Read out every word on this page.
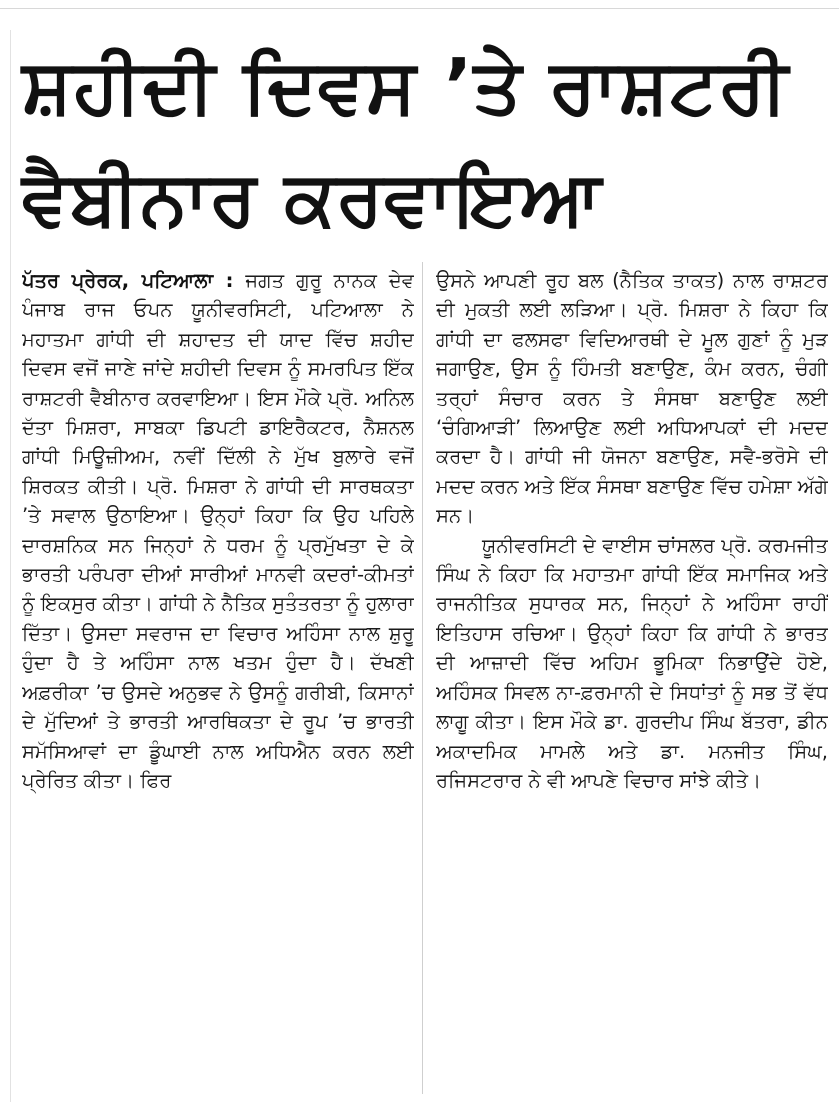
ਸ਼ਹੀਦੀ ਦਿਵਸ ’ਤੇ ਰਾਸ਼ਟਰੀ
ਵੈਬੀਨਾਰ ਕਰਵਾਇਆ

ਪੱਤਰ ਪ੍ਰੇਰਕ, ਪਟਿਆਲਾ : ਜਗਤ ਗੁਰੂ ਨਾਨਕ ਦੇਵ ਪੰਜਾਬ ਰਾਜ ਓਪਨ ਯੂਨੀਵਰਸਿਟੀ, ਪਟਿਆਲਾ ਨੇ ਮਹਾਤਮਾ ਗਾਂਧੀ ਦੀ ਸ਼ਹਾਦਤ ਦੀ ਯਾਦ ਵਿੱਚ ਸ਼ਹੀਦ ਦਿਵਸ ਵਜੋਂ ਜਾਣੇ ਜਾਂਦੇ ਸ਼ਹੀਦੀ ਦਿਵਸ ਨੂੰ ਸਮਰਪਿਤ ਇੱਕ ਰਾਸ਼ਟਰੀ ਵੈਬੀਨਾਰ ਕਰਵਾਇਆ। ਇਸ ਮੌਕੇ ਪ੍ਰੋ. ਅਨਿਲ ਦੱਤਾ ਮਿਸ਼ਰਾ, ਸਾਬਕਾ ਡਿਪਟੀ ਡਾਇਰੈਕਟਰ, ਨੈਸ਼ਨਲ ਗਾਂਧੀ ਮਿਊਜ਼ੀਅਮ, ਨਵੀਂ ਦਿੱਲੀ ਨੇ ਮੁੱਖ ਬੁਲਾਰੇ ਵਜੋਂ ਸ਼ਿਰਕਤ ਕੀਤੀ। ਪ੍ਰੋ. ਮਿਸ਼ਰਾ ਨੇ ਗਾਂਧੀ ਦੀ ਸਾਰਥਕਤਾ ’ਤੇ ਸਵਾਲ ਉਠਾਇਆ। ਉਨ੍ਹਾਂ ਕਿਹਾ ਕਿ ਉਹ ਪਹਿਲੇ ਦਾਰਸ਼ਨਿਕ ਸਨ ਜਿਨ੍ਹਾਂ ਨੇ ਧਰਮ ਨੂੰ ਪ੍ਰਮੁੱਖਤਾ ਦੇ ਕੇ ਭਾਰਤੀ ਪਰੰਪਰਾ ਦੀਆਂ ਸਾਰੀਆਂ ਮਾਨਵੀ ਕਦਰਾਂ-ਕੀਮਤਾਂ ਨੂੰ ਇਕਸੁਰ ਕੀਤਾ। ਗਾਂਧੀ ਨੇ ਨੈਤਿਕ ਸੁਤੰਤਰਤਾ ਨੂੰ ਹੁਲਾਰਾ ਦਿੱਤਾ। ਉਸਦਾ ਸਵਰਾਜ ਦਾ ਵਿਚਾਰ ਅਹਿੰਸਾ ਨਾਲ ਸ਼ੁਰੂ ਹੁੰਦਾ ਹੈ ਤੇ ਅਹਿੰਸਾ ਨਾਲ ਖਤਮ ਹੁੰਦਾ ਹੈ। ਦੱਖਣੀ ਅਫ਼ਰੀਕਾ ’ਚ ਉਸਦੇ ਅਨੁਭਵ ਨੇ ਉਸਨੂੰ ਗਰੀਬੀ, ਕਿਸਾਨਾਂ ਦੇ ਮੁੱਦਿਆਂ ਤੇ ਭਾਰਤੀ ਆਰਥਿਕਤਾ ਦੇ ਰੂਪ ’ਚ ਭਾਰਤੀ ਸਮੱਸਿਆਵਾਂ ਦਾ ਡੂੰਘਾਈ ਨਾਲ ਅਧਿਐਨ ਕਰਨ ਲਈ ਪ੍ਰੇਰਿਤ ਕੀਤਾ। ਫਿਰ

ਉਸਨੇ ਆਪਣੀ ਰੂਹ ਬਲ (ਨੈਤਿਕ ਤਾਕਤ) ਨਾਲ ਰਾਸ਼ਟਰ ਦੀ ਮੁਕਤੀ ਲਈ ਲੜਿਆ। ਪ੍ਰੋ. ਮਿਸ਼ਰਾ ਨੇ ਕਿਹਾ ਕਿ ਗਾਂਧੀ ਦਾ ਫਲਸਫਾ ਵਿਦਿਆਰਥੀ ਦੇ ਮੂਲ ਗੁਣਾਂ ਨੂੰ ਮੁੜ ਜਗਾਉਣ, ਉਸ ਨੂੰ ਹਿੰਮਤੀ ਬਣਾਉਣ, ਕੰਮ ਕਰਨ, ਚੰਗੀ ਤਰ੍ਹਾਂ ਸੰਚਾਰ ਕਰਨ ਤੇ ਸੰਸਥਾ ਬਣਾਉਣ ਲਈ ‘ਚੰਗਿਆੜੀ’ ਲਿਆਉਣ ਲਈ ਅਧਿਆਪਕਾਂ ਦੀ ਮਦਦ ਕਰਦਾ ਹੈ। ਗਾਂਧੀ ਜੀ ਯੋਜਨਾ ਬਣਾਉਣ, ਸਵੈ-ਭਰੋਸੇ ਦੀ ਮਦਦ ਕਰਨ ਅਤੇ ਇੱਕ ਸੰਸਥਾ ਬਣਾਉਣ ਵਿੱਚ ਹਮੇਸ਼ਾ ਅੱਗੇ ਸਨ।

ਯੂਨੀਵਰਸਿਟੀ ਦੇ ਵਾਈਸ ਚਾਂਸਲਰ ਪ੍ਰੋ. ਕਰਮਜੀਤ ਸਿੰਘ ਨੇ ਕਿਹਾ ਕਿ ਮਹਾਤਮਾ ਗਾਂਧੀ ਇੱਕ ਸਮਾਜਿਕ ਅਤੇ ਰਾਜਨੀਤਿਕ ਸੁਧਾਰਕ ਸਨ, ਜਿਨ੍ਹਾਂ ਨੇ ਅਹਿੰਸਾ ਰਾਹੀਂ ਇਤਿਹਾਸ ਰਚਿਆ। ਉਨ੍ਹਾਂ ਕਿਹਾ ਕਿ ਗਾਂਧੀ ਨੇ ਭਾਰਤ ਦੀ ਆਜ਼ਾਦੀ ਵਿੱਚ ਅਹਿਮ ਭੂਮਿਕਾ ਨਿਭਾਉਂਦੇ ਹੋਏ, ਅਹਿੰਸਕ ਸਿਵਲ ਨਾ-ਫ਼ਰਮਾਨੀ ਦੇ ਸਿਧਾਂਤਾਂ ਨੂੰ ਸਭ ਤੋਂ ਵੱਧ ਲਾਗੂ ਕੀਤਾ। ਇਸ ਮੌਕੇ ਡਾ. ਗੁਰਦੀਪ ਸਿੰਘ ਬੱਤਰਾ, ਡੀਨ ਅਕਾਦਮਿਕ ਮਾਮਲੇ ਅਤੇ ਡਾ. ਮਨਜੀਤ ਸਿੰਘ, ਰਜਿਸਟਰਾਰ ਨੇ ਵੀ ਆਪਣੇ ਵਿਚਾਰ ਸਾਂਝੇ ਕੀਤੇ।
